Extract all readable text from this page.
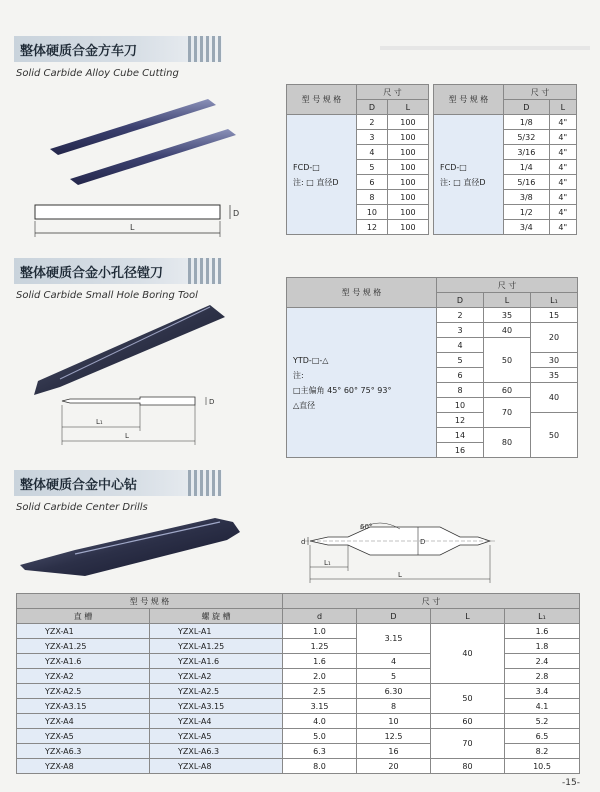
整体硬质合金方车刀
Solid Carbide Alloy Cube Cutting
L
D
型 号 规 格	尺 寸	
	D	L

FCD-□
注: □ 直径D	2	100
	3	100
	4	100
	5	100
	6	100
	8	100
	10	100
	12	100
型 号 规 格	尺 寸	
	D	L

FCD-□
注: □ 直径D	1/8	4"
	5/32	4"
	3/16	4"
	1/4	4"
	5/16	4"
	3/8	4"
	1/2	4"
	3/4	4"
整体硬质合金小孔径镗刀
Solid Carbide Small Hole Boring Tool
L₁
L
D
型 号 规 格	尺 寸		
	D	L	L₁

YTD-□-△
注:
□主偏角 45° 60° 75° 93°
△直径	2	35	15
	3	40	20
	4	50	
	5		30
	6		35
	8	60	40
	10	70	
	12		50
	14	80	
	16		
整体硬质合金中心钻
Solid Carbide Center Drills
60°
d	D
L₁
L
型 号 规 格		尺 寸			
直 槽	螺 旋 槽	d	D	L	L₁
YZX-A1	YZXL-A1	1.0	3.15	40	1.6
YZX-A1.25	YZXL-A1.25	1.25			1.8
YZX-A1.6	YZXL-A1.6	1.6	4		2.4
YZX-A2	YZXL-A2	2.0	5		2.8
YZX-A2.5	YZXL-A2.5	2.5	6.30	50	3.4
YZX-A3.15	YZXL-A3.15	3.15	8		4.1
YZX-A4	YZXL-A4	4.0	10	60	5.2
YZX-A5	YZXL-A5	5.0	12.5	70	6.5
YZX-A6.3	YZXL-A6.3	6.3	16		8.2
YZX-A8	YZXL-A8	8.0	20	80	10.5
-15-
